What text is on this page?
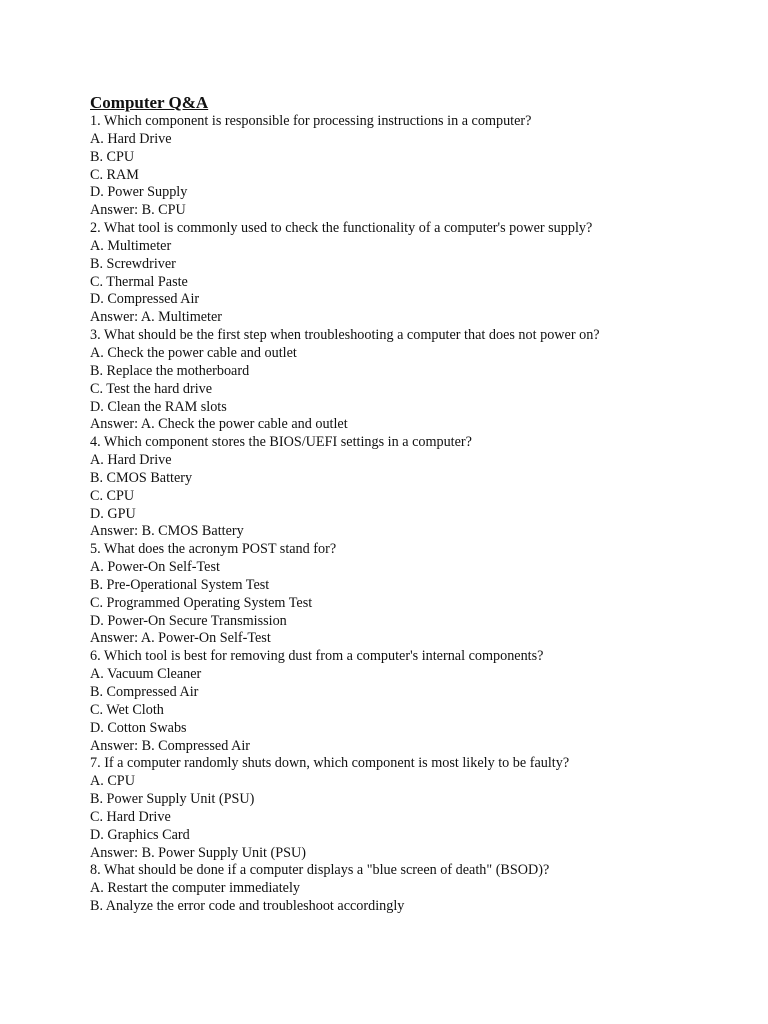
Computer Q&A
1. Which component is responsible for processing instructions in a computer?
A. Hard Drive
B. CPU
C. RAM
D. Power Supply
Answer: B. CPU
2. What tool is commonly used to check the functionality of a computer's power supply?
A. Multimeter
B. Screwdriver
C. Thermal Paste
D. Compressed Air
Answer: A. Multimeter
3. What should be the first step when troubleshooting a computer that does not power on?
A. Check the power cable and outlet
B. Replace the motherboard
C. Test the hard drive
D. Clean the RAM slots
Answer: A. Check the power cable and outlet
4. Which component stores the BIOS/UEFI settings in a computer?
A. Hard Drive
B. CMOS Battery
C. CPU
D. GPU
Answer: B. CMOS Battery
5. What does the acronym POST stand for?
A. Power-On Self-Test
B. Pre-Operational System Test
C. Programmed Operating System Test
D. Power-On Secure Transmission
Answer: A. Power-On Self-Test
6. Which tool is best for removing dust from a computer's internal components?
A. Vacuum Cleaner
B. Compressed Air
C. Wet Cloth
D. Cotton Swabs
Answer: B. Compressed Air
7. If a computer randomly shuts down, which component is most likely to be faulty?
A. CPU
B. Power Supply Unit (PSU)
C. Hard Drive
D. Graphics Card
Answer: B. Power Supply Unit (PSU)
8. What should be done if a computer displays a "blue screen of death" (BSOD)?
A. Restart the computer immediately
B. Analyze the error code and troubleshoot accordingly
